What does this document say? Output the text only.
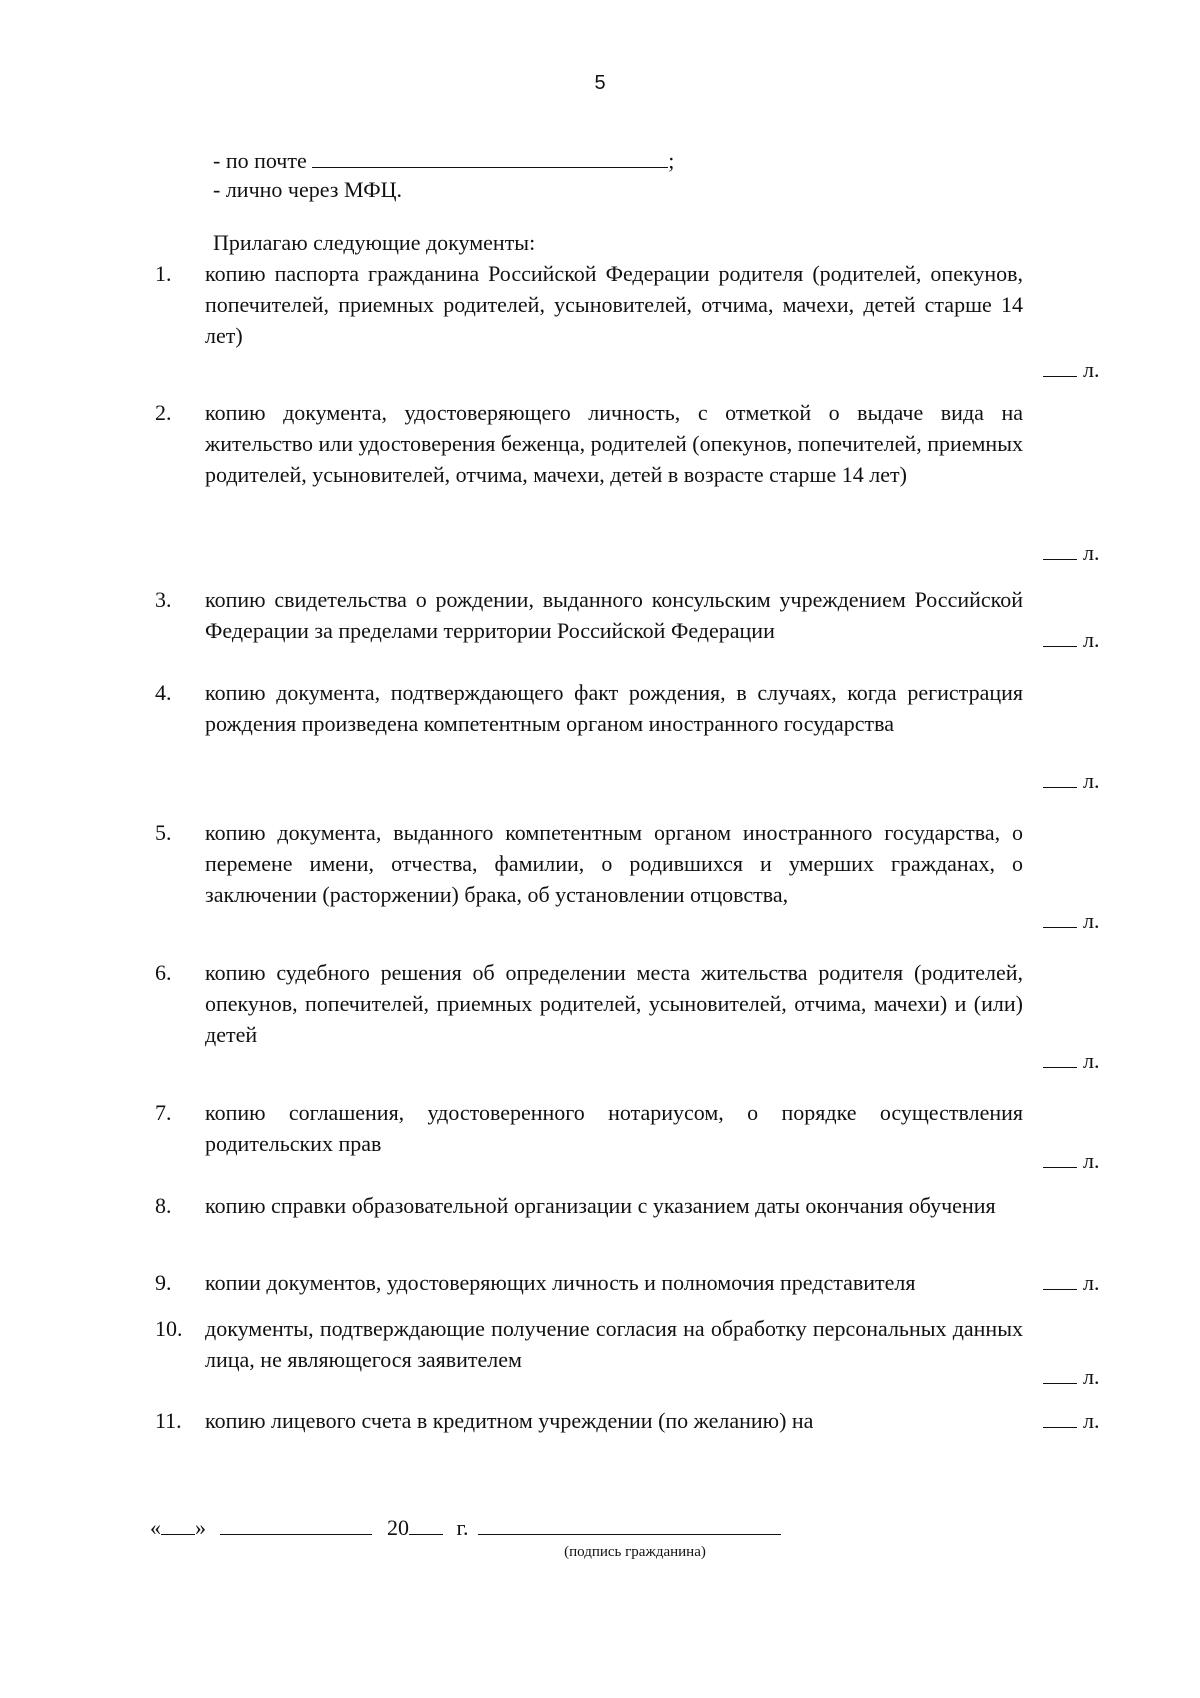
5
- по почте	;
- лично через МФЦ.
Прилагаю следующие документы:
1. копию паспорта гражданина Российской Федерации родителя (родителей, опекунов, попечителей, приемных родителей, усыновителей, отчима, мачехи, детей старше 14 лет)
л.
2. копию документа, удостоверяющего личность, с отметкой о выдаче вида на жительство или удостоверения беженца, родителей (опекунов, попечителей, приемных родителей, усыновителей, отчима, мачехи, детей в возрасте старше 14 лет)
л.
3. копию свидетельства о рождении, выданного консульским учреждением Российской Федерации за пределами территории Российской Федерации	л.
4. копию документа, подтверждающего факт рождения, в случаях, когда регистрация рождения произведена компетентным органом иностранного государства
л.
5. копию документа, выданного компетентным органом иностранного государства, о перемене имени, отчества, фамилии, о родившихся и умерших гражданах, о заключении (расторжении) брака, об установлении отцовства,
л.
6. копию судебного решения об определении места жительства родителя (родителей, опекунов, попечителей, приемных родителей, усыновителей, отчима, мачехи) и (или) детей
л.
7. копию соглашения, удостоверенного нотариусом, о порядке осуществления родительских прав
л.
8. копию справки образовательной организации с указанием даты окончания обучения
9. копии документов, удостоверяющих личность и полномочия представителя	л.
10. документы, подтверждающие получение согласия на обработку персональных данных лица, не являющегося заявителем
л.
11. копию лицевого счета в кредитном учреждении (по желанию) на	л.
« »	20 г.
(подпись гражданина)
